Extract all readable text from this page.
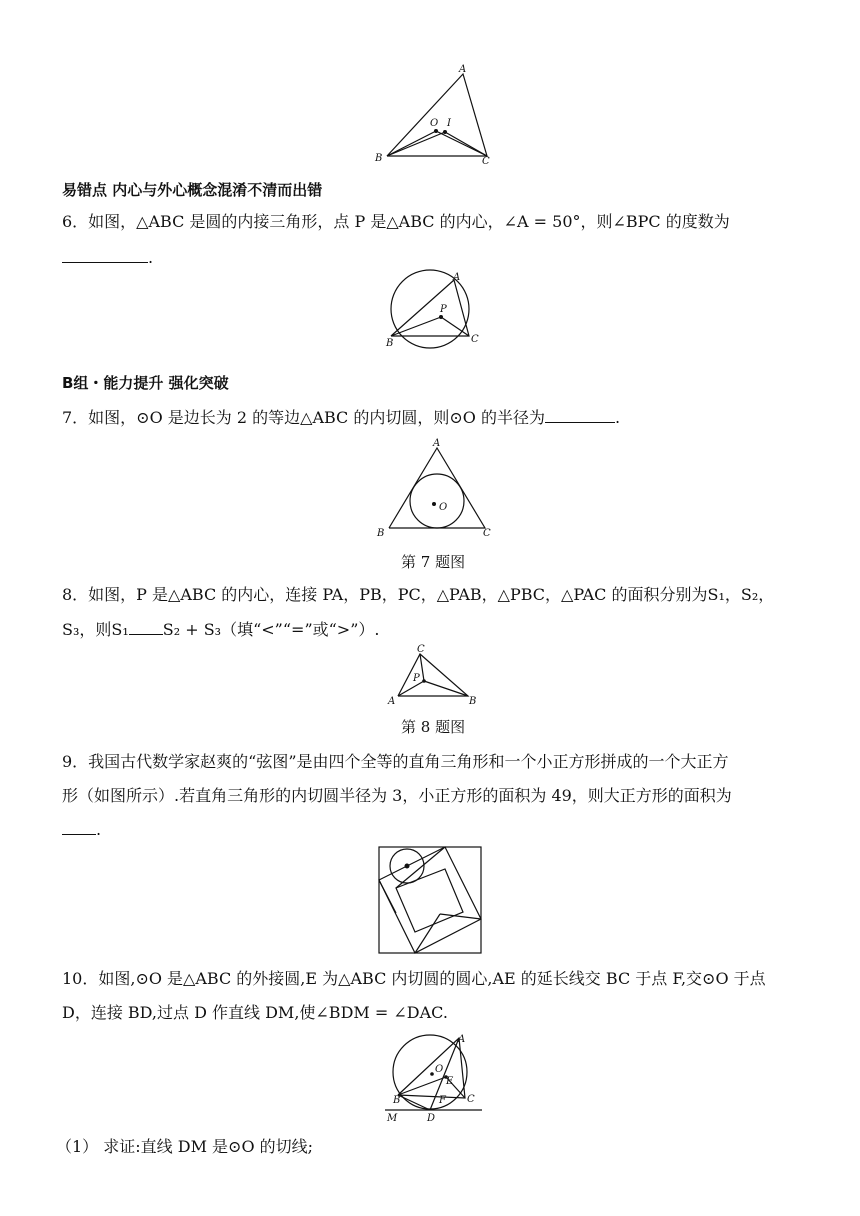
A
O I
B	C
易错点 内心与外心概念混淆不清而出错
6．如图，△ABC 是圆的内接三角形，点 P 是△ABC 的内心，∠A = 50°，则∠BPC 的度数为
.
A
P
B	C
B组・能力提升 强化突破
7．如图，⊙O 是边长为 2 的等边△ABC 的内切圆，则⊙O 的半径为	.
A
O
B	C
第 7 题图
8．如图，P 是△ABC 的内心，连接 PA，PB，PC，△PAB，△PBC，△PAC 的面积分别为S₁，S₂，
S₃，则S₁ S₂ + S₃（填“<”“=”或“>”）.
C
P
A	B
第 8 题图
9．我国古代数学家赵爽的“弦图”是由四个全等的直角三角形和一个小正方形拼成的一个大正方
形（如图所示）.若直角三角形的内切圆半径为 3，小正方形的面积为 49，则大正方形的面积为
.
10．如图,⊙O 是△ABC 的外接圆,E 为△ABC 内切圆的圆心,AE 的延长线交 BC 于点 F,交⊙O 于点
D，连接 BD,过点 D 作直线 DM,使∠BDM = ∠DAC.
A
O
E
B	F C
M	D
（1） 求证:直线 DM 是⊙O 的切线;
